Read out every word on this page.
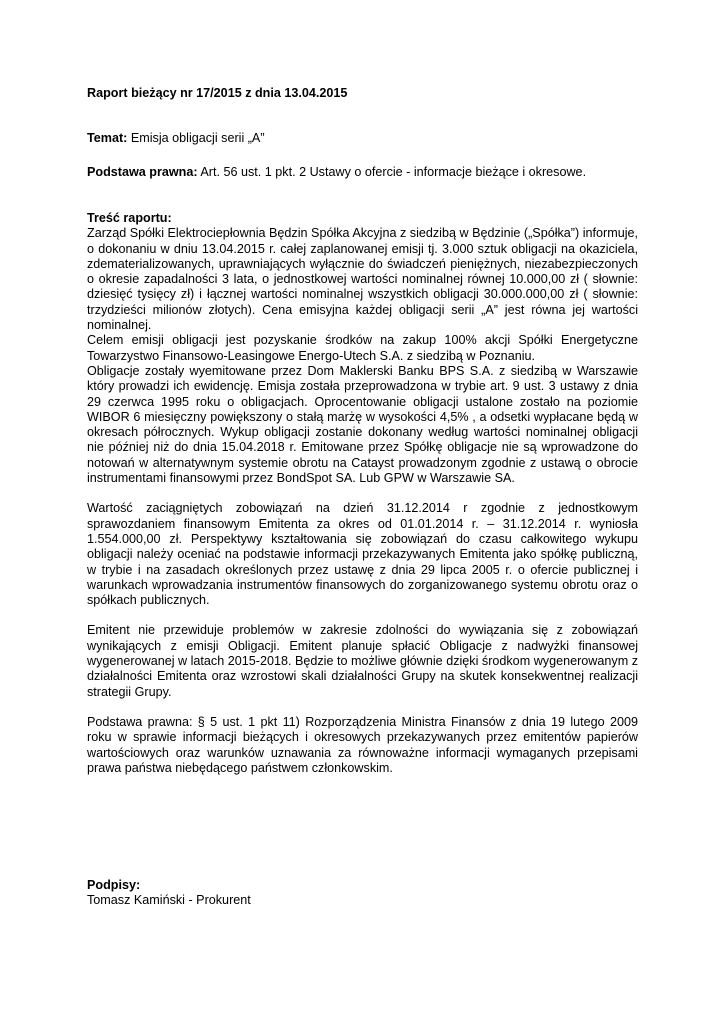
Raport bieżący nr 17/2015 z dnia 13.04.2015
Temat: Emisja obligacji serii „A”
Podstawa prawna: Art. 56 ust. 1 pkt. 2 Ustawy o ofercie - informacje bieżące i okresowe.
Treść raportu:

Zarząd Spółki Elektrociepłownia Będzin Spółka Akcyjna z siedzibą w Będzinie („Spółka”) informuje, o dokonaniu w dniu 13.04.2015 r. całej zaplanowanej emisji tj. 3.000 sztuk obligacji na okaziciela, zdematerializowanych, uprawniających wyłącznie do świadczeń pieniężnych, niezabezpieczonych o okresie zapadalności 3 lata, o jednostkowej wartości nominalnej równej 10.000,00 zł ( słownie: dziesięć tysięcy zł) i łącznej wartości nominalnej wszystkich obligacji 30.000.000,00 zł ( słownie: trzydzieści milionów złotych). Cena emisyjna każdej obligacji serii „A” jest równa jej wartości nominalnej.

Celem emisji obligacji jest pozyskanie środków na zakup 100% akcji Spółki Energetyczne Towarzystwo Finansowo-Leasingowe Energo-Utech S.A. z siedzibą w Poznaniu.

Obligacje zostały wyemitowane przez Dom Maklerski Banku BPS S.A. z siedzibą w Warszawie który prowadzi ich ewidencję. Emisja została przeprowadzona w trybie art. 9 ust. 3 ustawy z dnia 29 czerwca 1995 roku o obligacjach. Oprocentowanie obligacji ustalone zostało na poziomie WIBOR 6 miesięczny powiększony o stałą marżę w wysokości 4,5% , a odsetki wypłacane będą w okresach półrocznych. Wykup obligacji zostanie dokonany według wartości nominalnej obligacji nie później niż do dnia 15.04.2018 r. Emitowane przez Spółkę obligacje nie są wprowadzone do notowań w alternatywnym systemie obrotu na Catayst prowadzonym zgodnie z ustawą o obrocie instrumentami finansowymi przez BondSpot SA. Lub GPW w Warszawie SA.

Wartość zaciągniętych zobowiązań na dzień 31.12.2014 r zgodnie z jednostkowym sprawozdaniem finansowym Emitenta za okres od 01.01.2014 r. – 31.12.2014 r. wyniosła 1.554.000,00 zł. Perspektywy kształtowania się zobowiązań do czasu całkowitego wykupu obligacji należy oceniać na podstawie informacji przekazywanych Emitenta jako spółkę publiczną, w trybie i na zasadach określonych przez ustawę z dnia 29 lipca 2005 r. o ofercie publicznej i warunkach wprowadzania instrumentów finansowych do zorganizowanego systemu obrotu oraz o spółkach publicznych.

Emitent nie przewiduje problemów w zakresie zdolności do wywiązania się z zobowiązań wynikających z emisji Obligacji. Emitent planuje spłacić Obligacje z nadwyżki finansowej wygenerowanej w latach 2015-2018. Będzie to możliwe głównie dzięki środkom wygenerowanym z działalności Emitenta oraz wzrostowi skali działalności Grupy na skutek konsekwentnej realizacji strategii Grupy.

Podstawa prawna: § 5 ust. 1 pkt 11) Rozporządzenia Ministra Finansów z dnia 19 lutego 2009 roku w sprawie informacji bieżących i okresowych przekazywanych przez emitentów papierów wartościowych oraz warunków uznawania za równoważne informacji wymaganych przepisami prawa państwa niebędącego państwem członkowskim.

Podpisy:
Tomasz Kamiński - Prokurent
